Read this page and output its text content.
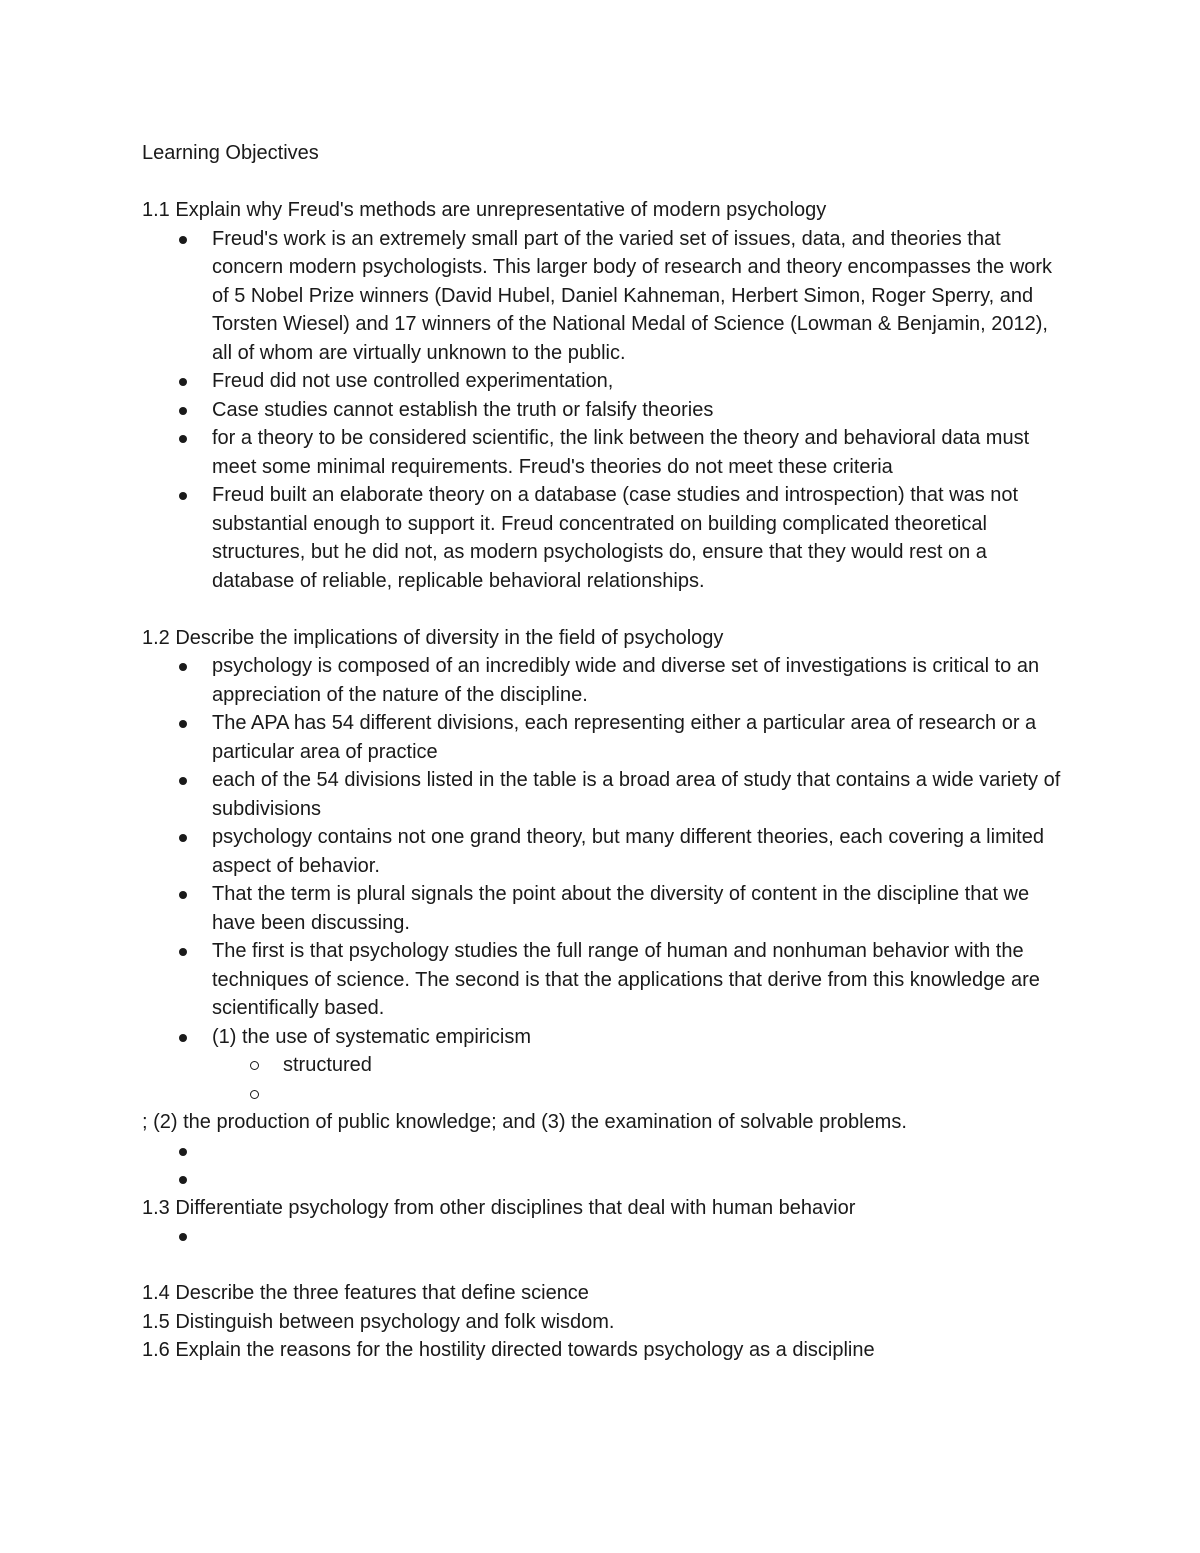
Learning Objectives

1.1 Explain why Freud's methods are unrepresentative of modern psychology

Freud's work is an extremely small part of the varied set of issues, data, and theories that concern modern psychologists. This larger body of research and theory encompasses the work of 5 Nobel Prize winners (David Hubel, Daniel Kahneman, Herbert Simon, Roger Sperry, and Torsten Wiesel) and 17 winners of the National Medal of Science (Lowman & Benjamin, 2012), all of whom are virtually unknown to the public.
Freud did not use controlled experimentation,
Case studies cannot establish the truth or falsify theories
for a theory to be considered scientific, the link between the theory and behavioral data must meet some minimal requirements. Freud's theories do not meet these criteria
Freud built an elaborate theory on a database (case studies and introspection) that was not substantial enough to support it. Freud concentrated on building complicated theoretical structures, but he did not, as modern psychologists do, ensure that they would rest on a database of reliable, replicable behavioral relationships.

1.2 Describe the implications of diversity in the field of psychology

psychology is composed of an incredibly wide and diverse set of investigations is critical to an appreciation of the nature of the discipline.
The APA has 54 different divisions, each representing either a particular area of research or a particular area of practice
each of the 54 divisions listed in the table is a broad area of study that contains a wide variety of subdivisions
psychology contains not one grand theory, but many different theories, each covering a limited aspect of behavior.
That the term is plural signals the point about the diversity of content in the discipline that we have been discussing.
The first is that psychology studies the full range of human and nonhuman behavior with the techniques of science. The second is that the applications that derive from this knowledge are scientifically based.
(1) the use of systematic empiricism
structured

; (2) the production of public knowledge; and (3) the examination of solvable problems.

1.3 Differentiate psychology from other disciplines that deal with human behavior

1.4 Describe the three features that define science

1.5 Distinguish between psychology and folk wisdom.

1.6 Explain the reasons for the hostility directed towards psychology as a discipline
